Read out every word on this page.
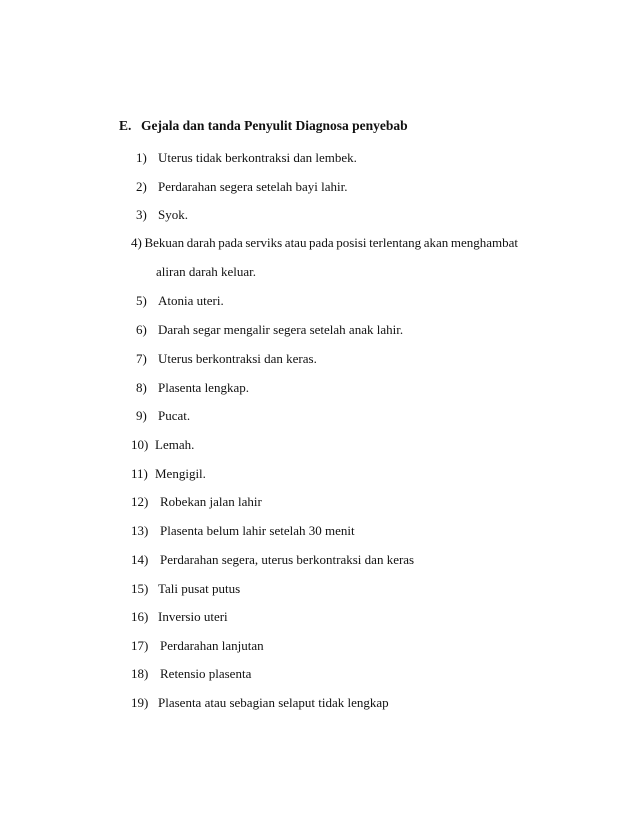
E. Gejala dan tanda Penyulit Diagnosa penyebab
1) Uterus tidak berkontraksi dan lembek.
2) Perdarahan segera setelah bayi lahir.
3) Syok.
4) Bekuan darah pada serviks atau pada posisi terlentang akan menghambat
aliran darah keluar.
5) Atonia uteri.
6) Darah segar mengalir segera setelah anak lahir.
7) Uterus berkontraksi dan keras.
8) Plasenta lengkap.
9) Pucat.
10) Lemah.
11) Mengigil.
12) Robekan jalan lahir
13) Plasenta belum lahir setelah 30 menit
14) Perdarahan segera, uterus berkontraksi dan keras
15) Tali pusat putus
16) Inversio uteri
17) Perdarahan lanjutan
18) Retensio plasenta
19) Plasenta atau sebagian selaput tidak lengkap
